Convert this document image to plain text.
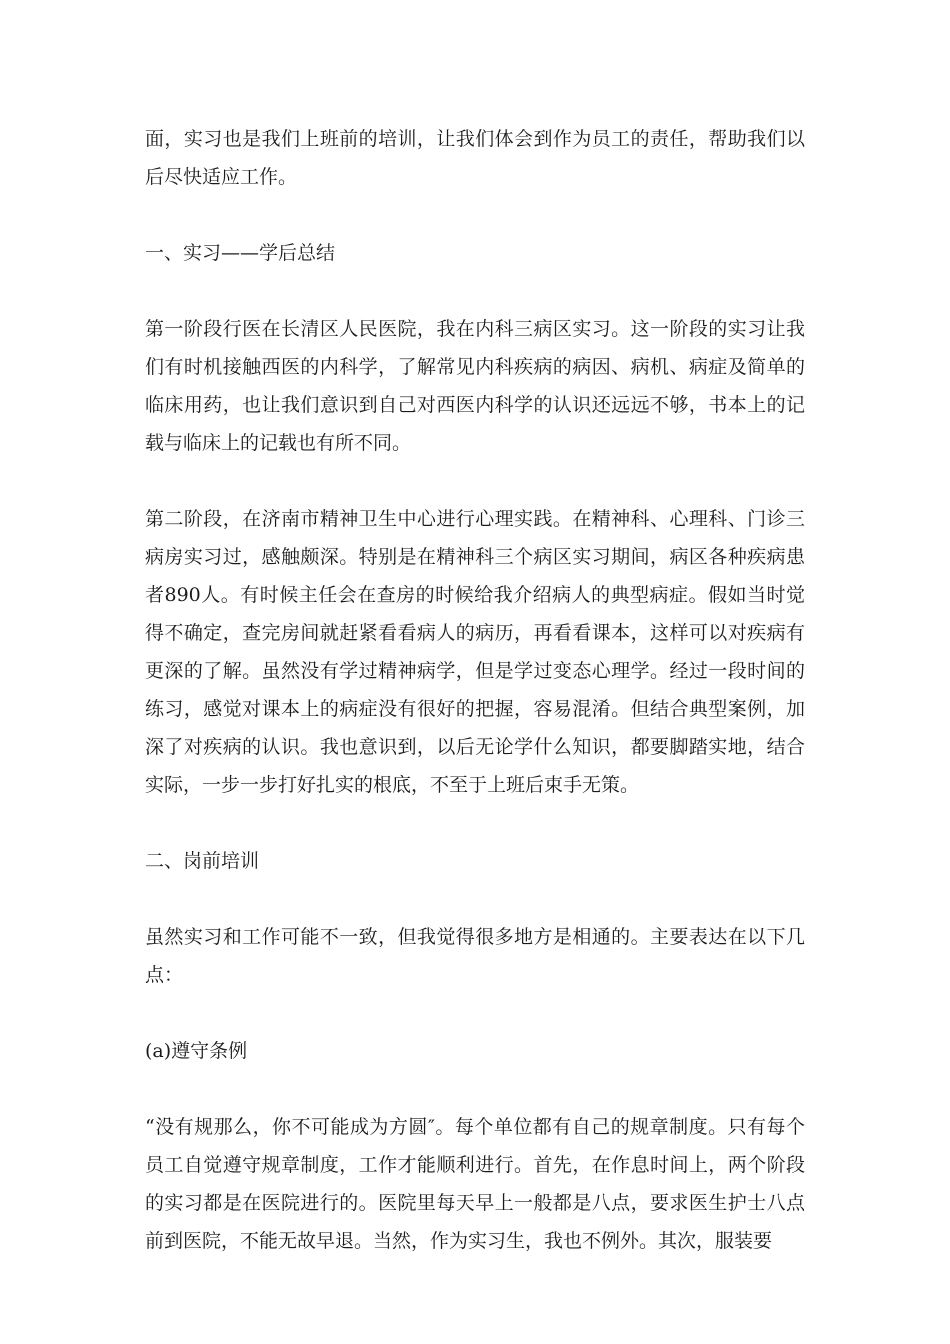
面，实习也是我们上班前的培训，让我们体会到作为员工的责任，帮助我们以后尽快适应工作。

一、实习——学后总结

第一阶段行医在长清区人民医院，我在内科三病区实习。这一阶段的实习让我们有时机接触西医的内科学，了解常见内科疾病的病因、病机、病症及简单的临床用药，也让我们意识到自己对西医内科学的认识还远远不够，书本上的记载与临床上的记载也有所不同。

第二阶段，在济南市精神卫生中心进行心理实践。在精神科、心理科、门诊三病房实习过，感触颇深。特别是在精神科三个病区实习期间，病区各种疾病患者890人。有时候主任会在查房的时候给我介绍病人的典型病症。假如当时觉得不确定，查完房间就赶紧看看病人的病历，再看看课本，这样可以对疾病有更深的了解。虽然没有学过精神病学，但是学过变态心理学。经过一段时间的练习，感觉对课本上的病症没有很好的把握，容易混淆。但结合典型案例，加深了对疾病的认识。我也意识到，以后无论学什么知识，都要脚踏实地，结合实际，一步一步打好扎实的根底，不至于上班后束手无策。

二、岗前培训

虽然实习和工作可能不一致，但我觉得很多地方是相通的。主要表达在以下几点：

(a)遵守条例

“没有规那么，你不可能成为方圆″。每个单位都有自己的规章制度。只有每个员工自觉遵守规章制度，工作才能顺利进行。首先，在作息时间上，两个阶段的实习都是在医院进行的。医院里每天早上一般都是八点，要求医生护士八点前到医院，不能无故早退。当然，作为实习生，我也不例外。其次，服装要
